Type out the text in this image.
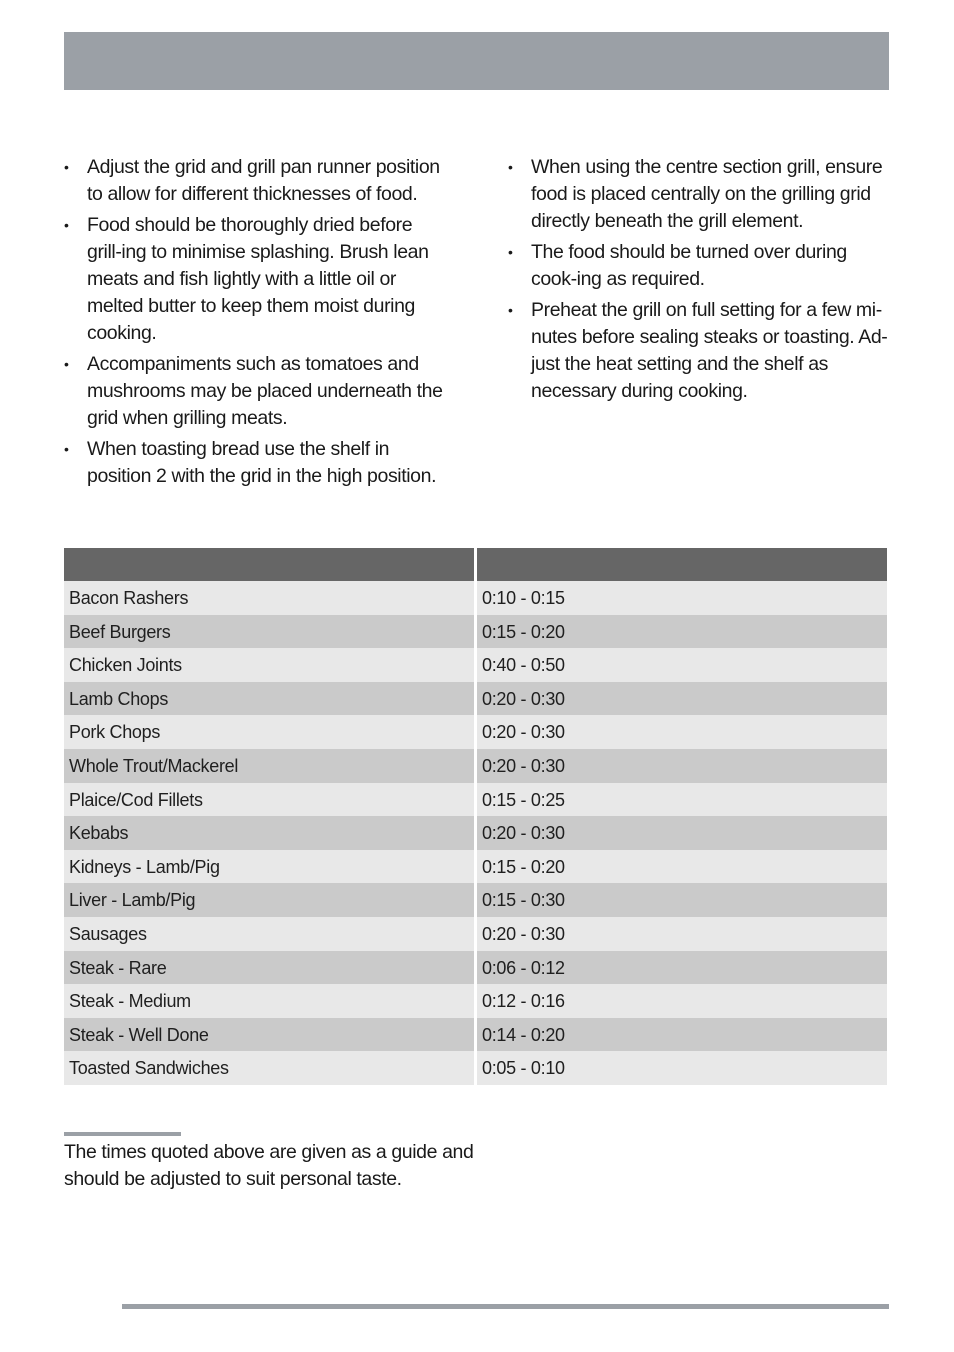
• Adjust the grid and grill pan runner position to allow for different thicknesses of food.
• Food should be thoroughly dried before grill-ing to minimise splashing. Brush lean meats and fish lightly with a little oil or melted butter to keep them moist during cooking.
• Accompaniments such as tomatoes and mushrooms may be placed underneath the grid when grilling meats.
• When toasting bread use the shelf in position 2 with the grid in the high position.
• When using the centre section grill, ensure food is placed centrally on the grilling grid directly beneath the grill element.
• The food should be turned over during cook-ing as required.
• Preheat the grill on full setting for a few mi-nutes before sealing steaks or toasting. Ad-just the heat setting and the shelf as necessary during cooking.
Bacon Rashers	0:10 - 0:15
Beef Burgers	0:15 - 0:20
Chicken Joints	0:40 - 0:50
Lamb Chops	0:20 - 0:30
Pork Chops	0:20 - 0:30
Whole Trout/Mackerel	0:20 - 0:30
Plaice/Cod Fillets	0:15 - 0:25
Kebabs	0:20 - 0:30
Kidneys - Lamb/Pig	0:15 - 0:20
Liver - Lamb/Pig	0:15 - 0:30
Sausages	0:20 - 0:30
Steak - Rare	0:06 - 0:12
Steak - Medium	0:12 - 0:16
Steak - Well Done	0:14 - 0:20
Toasted Sandwiches	0:05 - 0:10
The times quoted above are given as a guide and should be adjusted to suit personal taste.
